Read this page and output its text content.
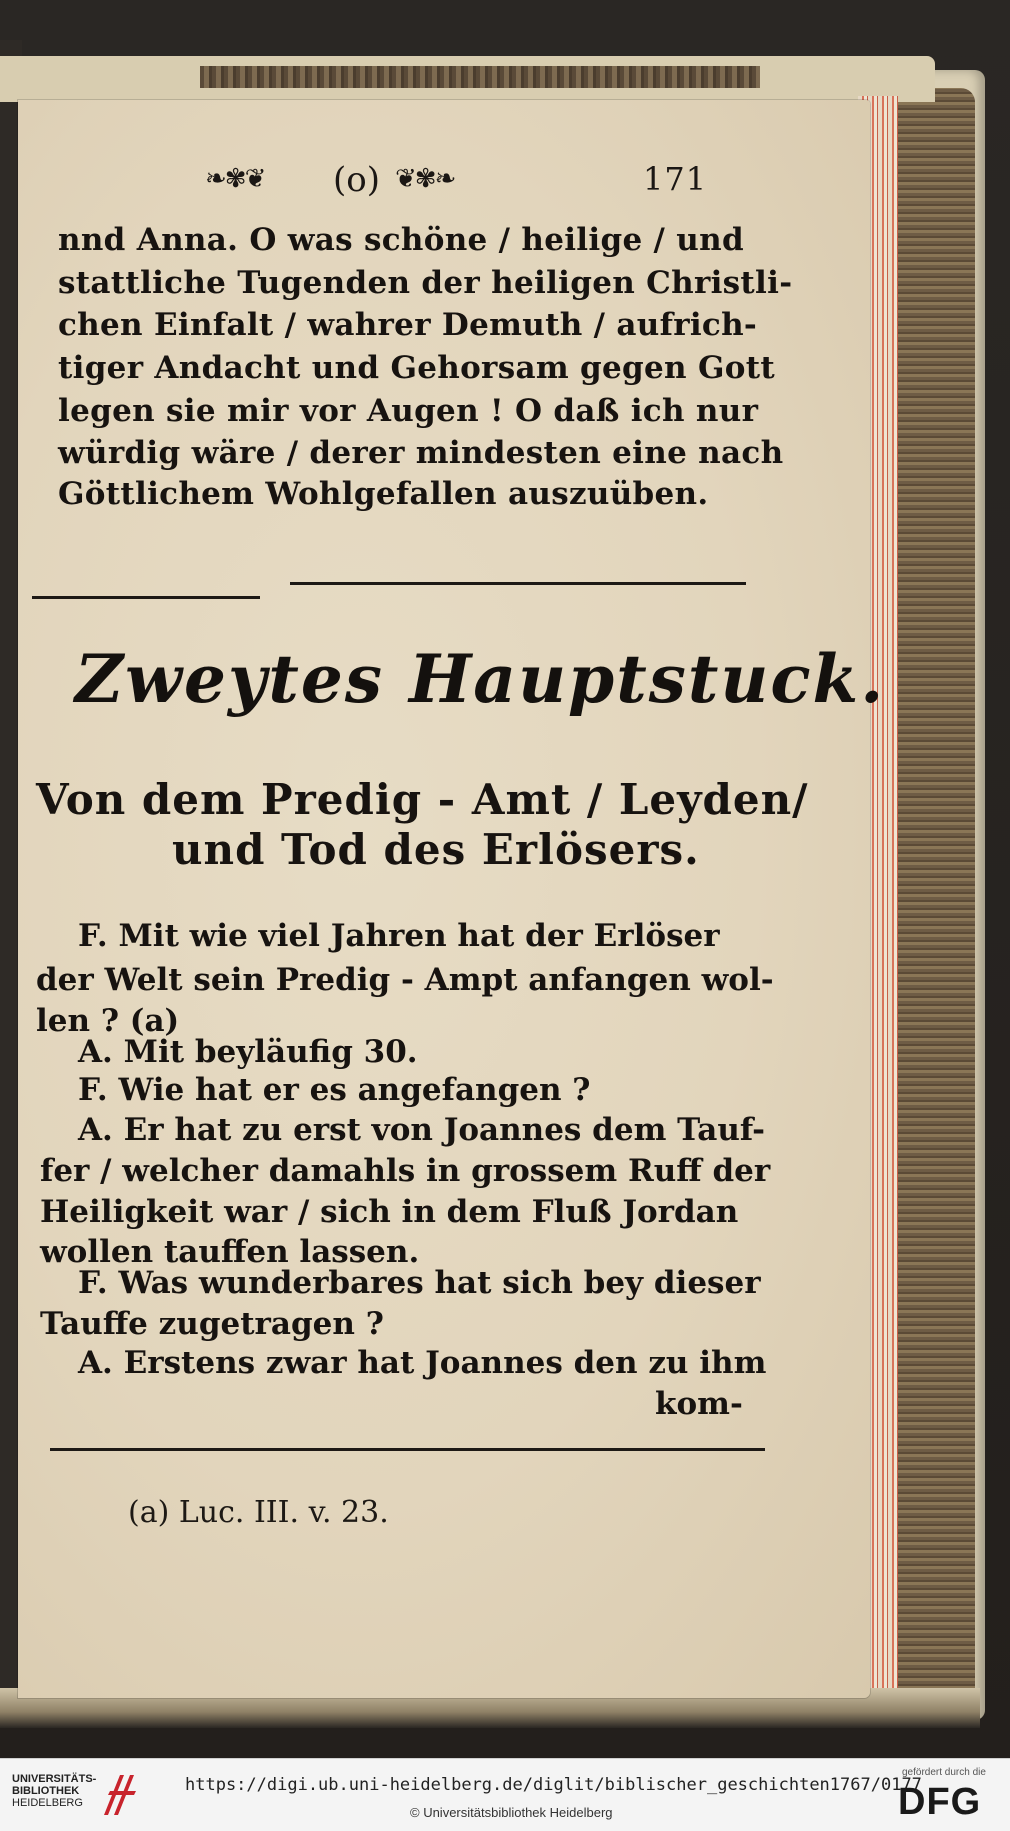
❧✾❦ (o) ❦✾❧	171
nnd Anna. O was schöne / heilige / und
stattliche Tugenden der heiligen Christli-
chen Einfalt / wahrer Demuth / aufrich-
tiger Andacht und Gehorsam gegen Gott
legen sie mir vor Augen ! O daß ich nur
würdig wäre / derer mindesten eine nach
Göttlichem Wohlgefallen auszuüben.
Zweytes Hauptstuck.
Von dem Predig - Amt / Leyden/
und Tod des Erlösers.
F. Mit wie viel Jahren hat der Erlöser
der Welt sein Predig - Ampt anfangen wol-
len ? (a)
A. Mit beyläufig 30.
F. Wie hat er es angefangen ?
A. Er hat zu erst von Joannes dem Tauf-
fer / welcher damahls in grossem Ruff der
Heiligkeit war / sich in dem Fluß Jordan
wollen tauffen lassen.
F. Was wunderbares hat sich bey dieser
Tauffe zugetragen ?
A. Erstens zwar hat Joannes den zu ihm
kom-
(a) Luc. III. v. 23.
UNIVERSITÄTS-
BIBLIOTHEK
HEIDELBERG
https://digi.ub.uni-heidelberg.de/diglit/biblischer_geschichten1767/0177
© Universitätsbibliothek Heidelberg
gefördert durch die
DFG
